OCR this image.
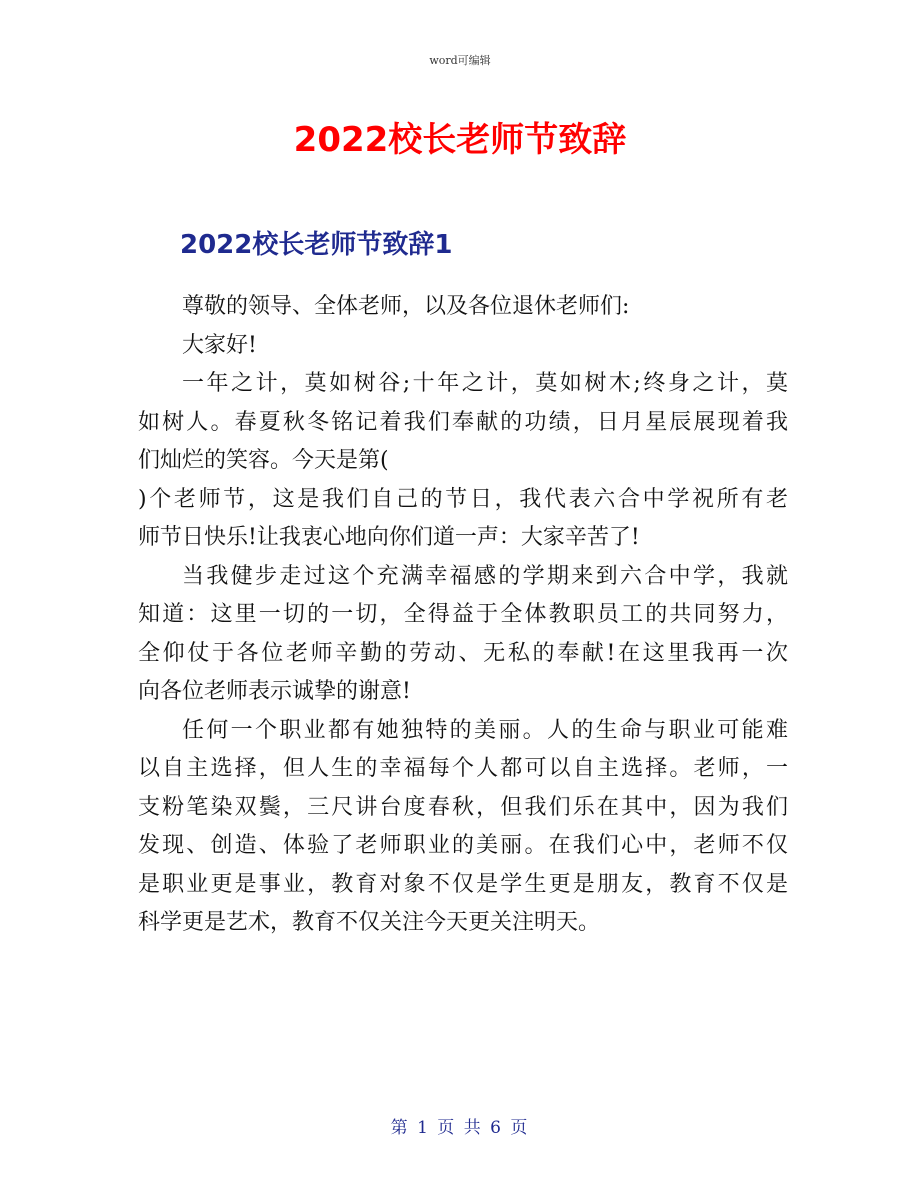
word可编辑
2022校长老师节致辞
2022校长老师节致辞1
尊敬的领导、全体老师，以及各位退休老师们:
大家好!
一年之计，莫如树谷;十年之计，莫如树木;终身之计，莫
如树人。春夏秋冬铭记着我们奉献的功绩，日月星辰展现着我
们灿烂的笑容。今天是第(
)个老师节，这是我们自己的节日，我代表六合中学祝所有老
师节日快乐!让我衷心地向你们道一声：大家辛苦了!
当我健步走过这个充满幸福感的学期来到六合中学，我就
知道：这里一切的一切，全得益于全体教职员工的共同努力，
全仰仗于各位老师辛勤的劳动、无私的奉献!在这里我再一次
向各位老师表示诚挚的谢意!
任何一个职业都有她独特的美丽。人的生命与职业可能难
以自主选择，但人生的幸福每个人都可以自主选择。老师，一
支粉笔染双鬓，三尺讲台度春秋，但我们乐在其中，因为我们
发现、创造、体验了老师职业的美丽。在我们心中，老师不仅
是职业更是事业，教育对象不仅是学生更是朋友，教育不仅是
科学更是艺术，教育不仅关注今天更关注明天。
第 1 页 共 6 页
